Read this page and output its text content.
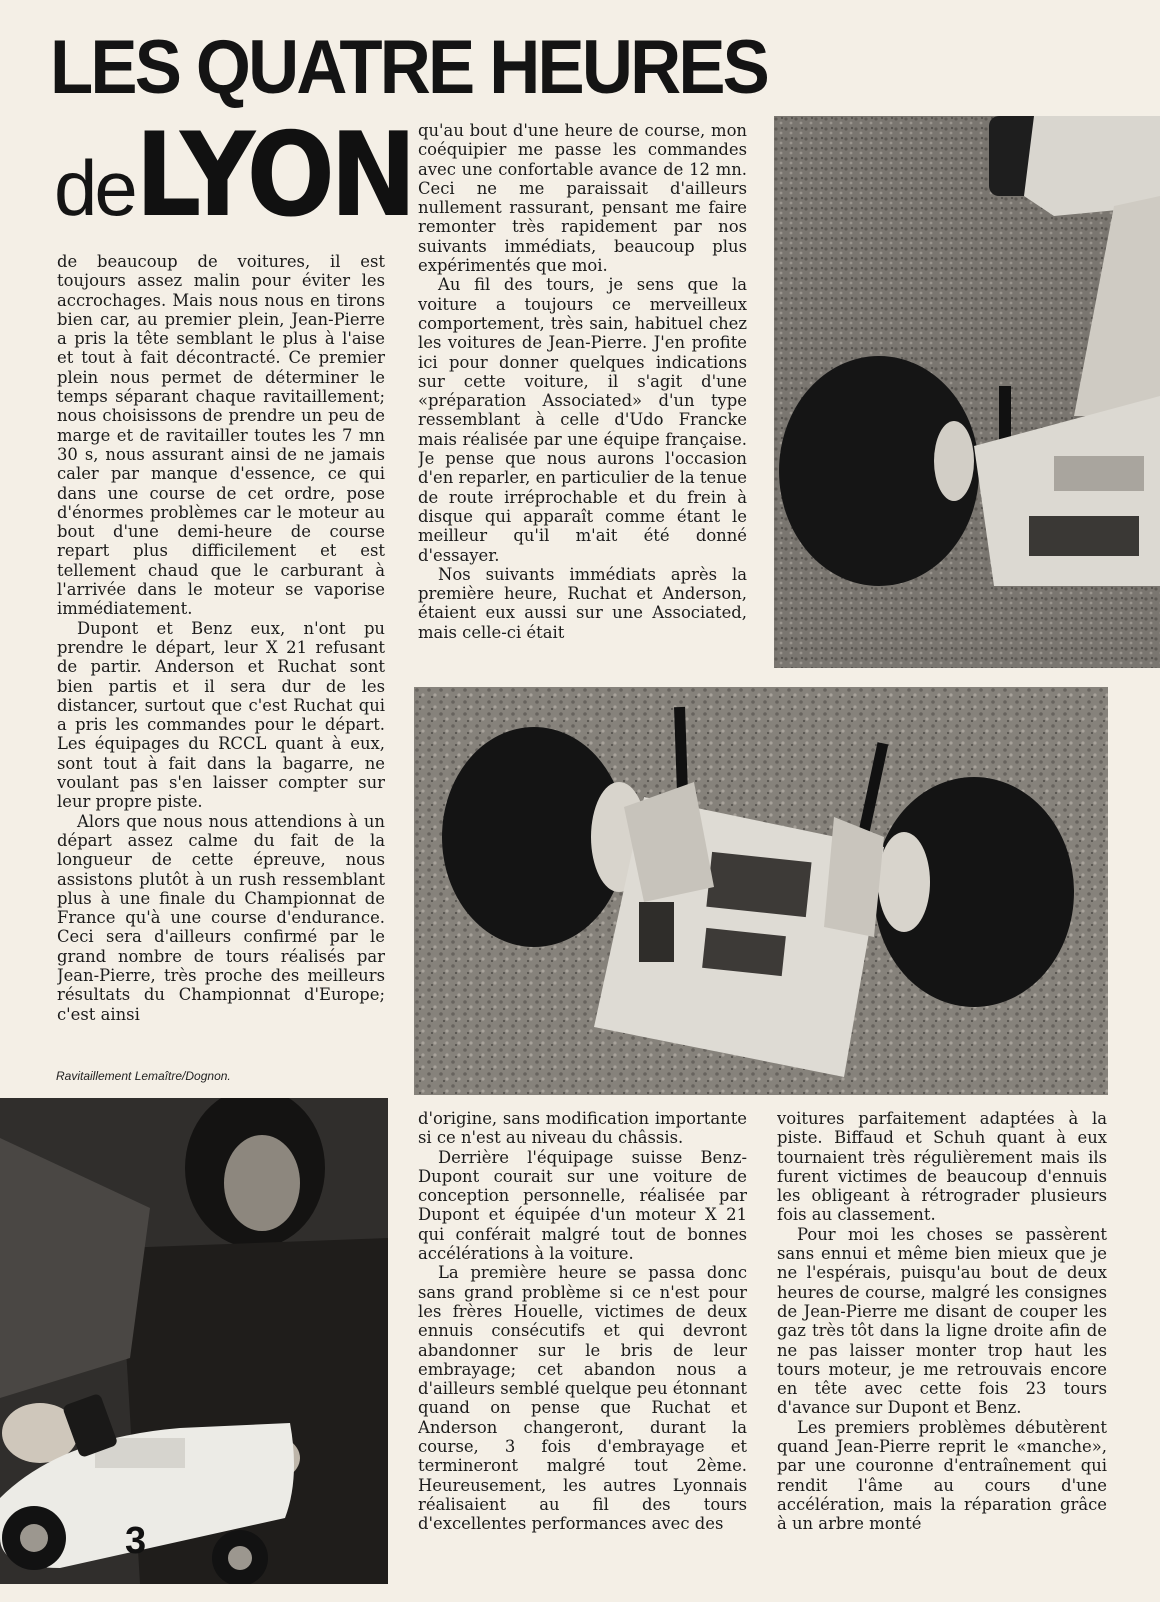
LES QUATRE HEURES
de LYON

de beaucoup de voitures, il est toujours assez malin pour éviter les accrochages. Mais nous nous en tirons bien car, au premier plein, Jean-Pierre a pris la tête semblant le plus à l'aise et tout à fait décontracté. Ce premier plein nous permet de déterminer le temps séparant chaque ravitaillement; nous choisissons de prendre un peu de marge et de ravitailler toutes les 7 mn 30 s, nous assurant ainsi de ne jamais caler par manque d'essence, ce qui dans une course de cet ordre, pose d'énormes problèmes car le moteur au bout d'une demi-heure de course repart plus difficilement et est tellement chaud que le carburant à l'arrivée dans le moteur se vaporise immédiatement.

Dupont et Benz eux, n'ont pu prendre le départ, leur X 21 refusant de partir. Anderson et Ruchat sont bien partis et il sera dur de les distancer, surtout que c'est Ruchat qui a pris les commandes pour le départ. Les équipages du RCCL quant à eux, sont tout à fait dans la bagarre, ne voulant pas s'en laisser compter sur leur propre piste.

Alors que nous nous attendions à un départ assez calme du fait de la longueur de cette épreuve, nous assistons plutôt à un rush ressemblant plus à une finale du Championnat de France qu'à une course d'endurance. Ceci sera d'ailleurs confirmé par le grand nombre de tours réalisés par Jean-Pierre, très proche des meilleurs résultats du Championnat d'Europe; c'est ainsi

qu'au bout d'une heure de course, mon coéquipier me passe les commandes avec une confortable avance de 12 mn. Ceci ne me paraissait d'ailleurs nullement rassurant, pensant me faire remonter très rapidement par nos suivants immédiats, beaucoup plus expérimentés que moi.

Au fil des tours, je sens que la voiture a toujours ce merveilleux comportement, très sain, habituel chez les voitures de Jean-Pierre. J'en profite ici pour donner quelques indications sur cette voiture, il s'agit d'une «préparation Associated» d'un type ressemblant à celle d'Udo Francke mais réalisée par une équipe française. Je pense que nous aurons l'occasion d'en reparler, en particulier de la tenue de route irréprochable et du frein à disque qui apparaît comme étant le meilleur qu'il m'ait été donné d'essayer.

Nos suivants immédiats après la première heure, Ruchat et Anderson, étaient eux aussi sur une Associated, mais celle-ci était

d'origine, sans modification importante si ce n'est au niveau du châssis.

Derrière l'équipage suisse Benz-Dupont courait sur une voiture de conception personnelle, réalisée par Dupont et équipée d'un moteur X 21 qui conférait malgré tout de bonnes accélérations à la voiture.

La première heure se passa donc sans grand problème si ce n'est pour les frères Houelle, victimes de deux ennuis consécutifs et qui devront abandonner sur le bris de leur embrayage; cet abandon nous a d'ailleurs semblé quelque peu étonnant quand on pense que Ruchat et Anderson changeront, durant la course, 3 fois d'embrayage et termineront malgré tout 2ème. Heureusement, les autres Lyonnais réalisaient au fil des tours d'excellentes performances avec des

voitures parfaitement adaptées à la piste. Biffaud et Schuh quant à eux tournaient très régulièrement mais ils furent victimes de beaucoup d'ennuis les obligeant à rétrograder plusieurs fois au classement.

Pour moi les choses se passèrent sans ennui et même bien mieux que je ne l'espérais, puisqu'au bout de deux heures de course, malgré les consignes de Jean-Pierre me disant de couper les gaz très tôt dans la ligne droite afin de ne pas laisser monter trop haut les tours moteur, je me retrouvais encore en tête avec cette fois 23 tours d'avance sur Dupont et Benz.

Les premiers problèmes débutèrent quand Jean-Pierre reprit le «manche», par une couronne d'entraînement qui rendit l'âme au cours d'une accélération, mais la réparation grâce à un arbre monté

Ravitaillement Lemaître/Dognon.
3
